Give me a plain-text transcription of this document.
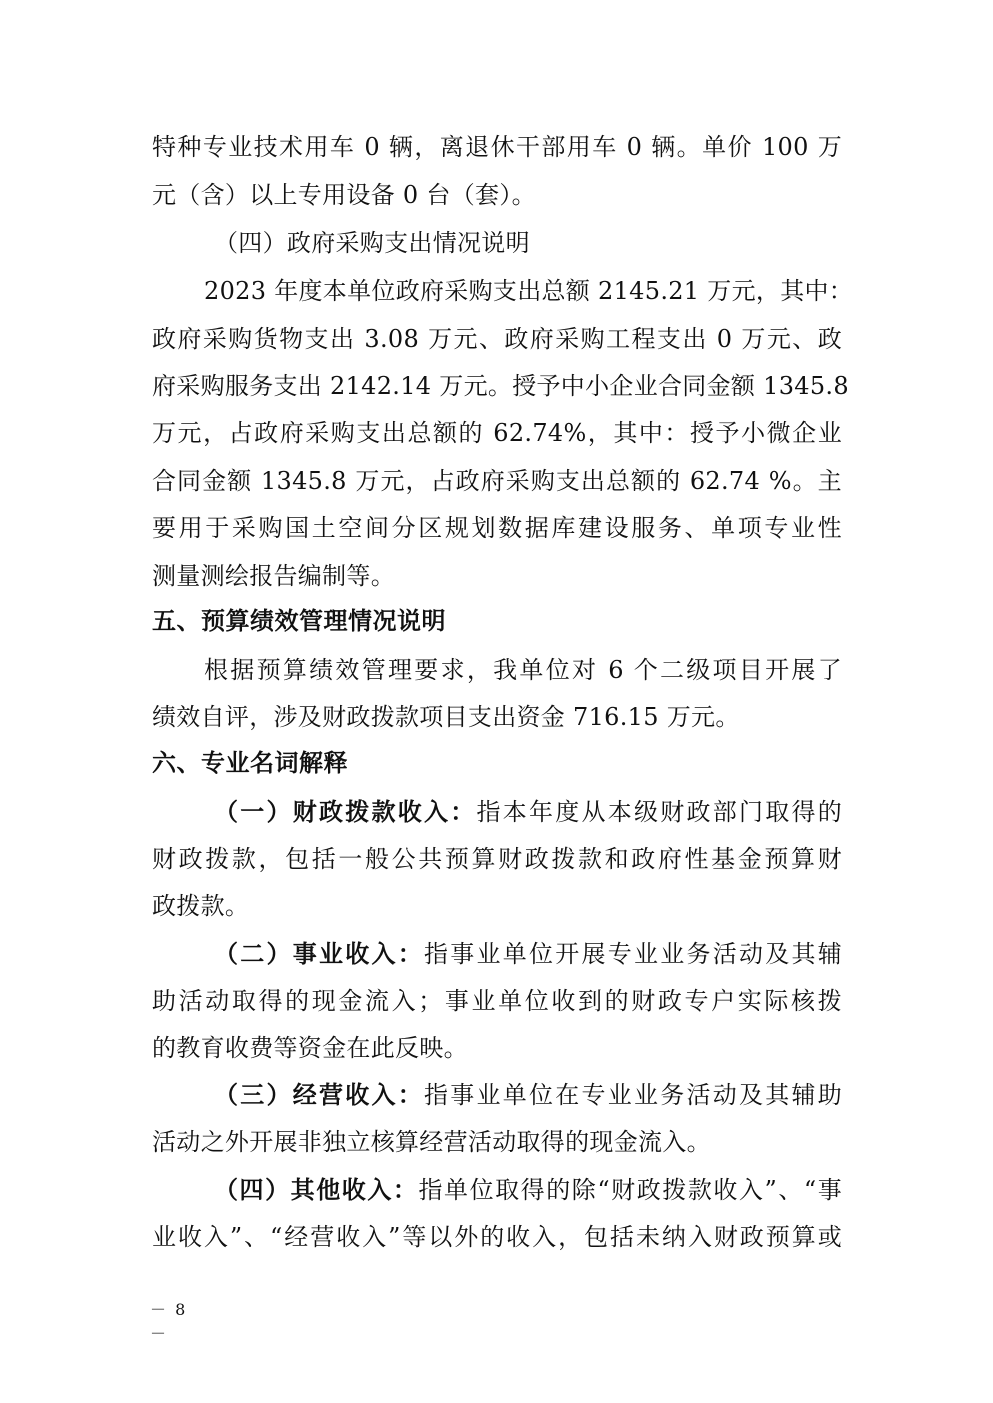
特种专业技术用车 0 辆，离退休干部用车 0 辆。单价 100 万
元（含）以上专用设备 0 台（套）。
（四）政府采购支出情况说明
2023 年度本单位政府采购支出总额 2145.21 万元，其中：
政府采购货物支出 3.08 万元、政府采购工程支出 0 万元、政
府采购服务支出 2142.14 万元。授予中小企业合同金额 1345.8
万元，占政府采购支出总额的 62.74%，其中：授予小微企业
合同金额 1345.8 万元，占政府采购支出总额的 62.74 %。主
要用于采购国土空间分区规划数据库建设服务、单项专业性
测量测绘报告编制等。
五、预算绩效管理情况说明
根据预算绩效管理要求，我单位对 6 个二级项目开展了
绩效自评，涉及财政拨款项目支出资金 716.15 万元。
六、专业名词解释
（一）财政拨款收入：指本年度从本级财政部门取得的
财政拨款，包括一般公共预算财政拨款和政府性基金预算财
政拨款。
（二）事业收入：指事业单位开展专业业务活动及其辅
助活动取得的现金流入；事业单位收到的财政专户实际核拨
的教育收费等资金在此反映。
（三）经营收入：指事业单位在专业业务活动及其辅助
活动之外开展非独立核算经营活动取得的现金流入。
（四）其他收入：指单位取得的除“财政拨款收入”、“事
业收入”、“经营收入”等以外的收入，包括未纳入财政预算或
－ 8 －
